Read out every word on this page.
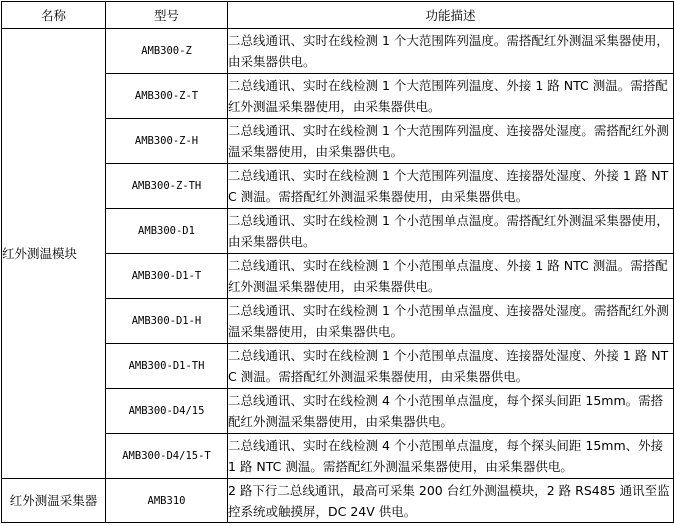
名称	型号	功能描述
红外测温模块	AMB300-Z	二总线通讯、实时在线检测 1 个大范围阵列温度。需搭配红外测温采集器使用，由采集器供电。
	AMB300-Z-T	二总线通讯、实时在线检测 1 个大范围阵列温度、外接 1 路 NTC 测温。需搭配红外测温采集器使用，由采集器供电。
	AMB300-Z-H	二总线通讯、实时在线检测 1 个大范围阵列温度、连接器处湿度。需搭配红外测温采集器使用，由采集器供电。
	AMB300-Z-TH	二总线通讯、实时在线检测 1 个大范围阵列温度、连接器处湿度、外接 1 路 NTC 测温。需搭配红外测温采集器使用，由采集器供电。
	AMB300-D1	二总线通讯、实时在线检测 1 个小范围单点温度。需搭配红外测温采集器使用，由采集器供电。
	AMB300-D1-T	二总线通讯、实时在线检测 1 个小范围单点温度、外接 1 路 NTC 测温。需搭配红外测温采集器使用，由采集器供电。
	AMB300-D1-H	二总线通讯、实时在线检测 1 个小范围单点温度、连接器处湿度。需搭配红外测温采集器使用，由采集器供电。
	AMB300-D1-TH	二总线通讯、实时在线检测 1 个小范围单点温度、连接器处湿度、外接 1 路 NTC 测温。需搭配红外测温采集器使用，由采集器供电。
	AMB300-D4/15	二总线通讯、实时在线检测 4 个小范围单点温度，每个探头间距 15mm。需搭配红外测温采集器使用，由采集器供电。
	AMB300-D4/15-T	二总线通讯、实时在线检测 4 个小范围单点温度，每个探头间距 15mm、外接 1 路 NTC 测温。需搭配红外测温采集器使用，由采集器供电。
红外测温采集器	AMB310	2 路下行二总线通讯，最高可采集 200 台红外测温模块，2 路 RS485 通讯至监控系统或触摸屏，DC 24V 供电。
